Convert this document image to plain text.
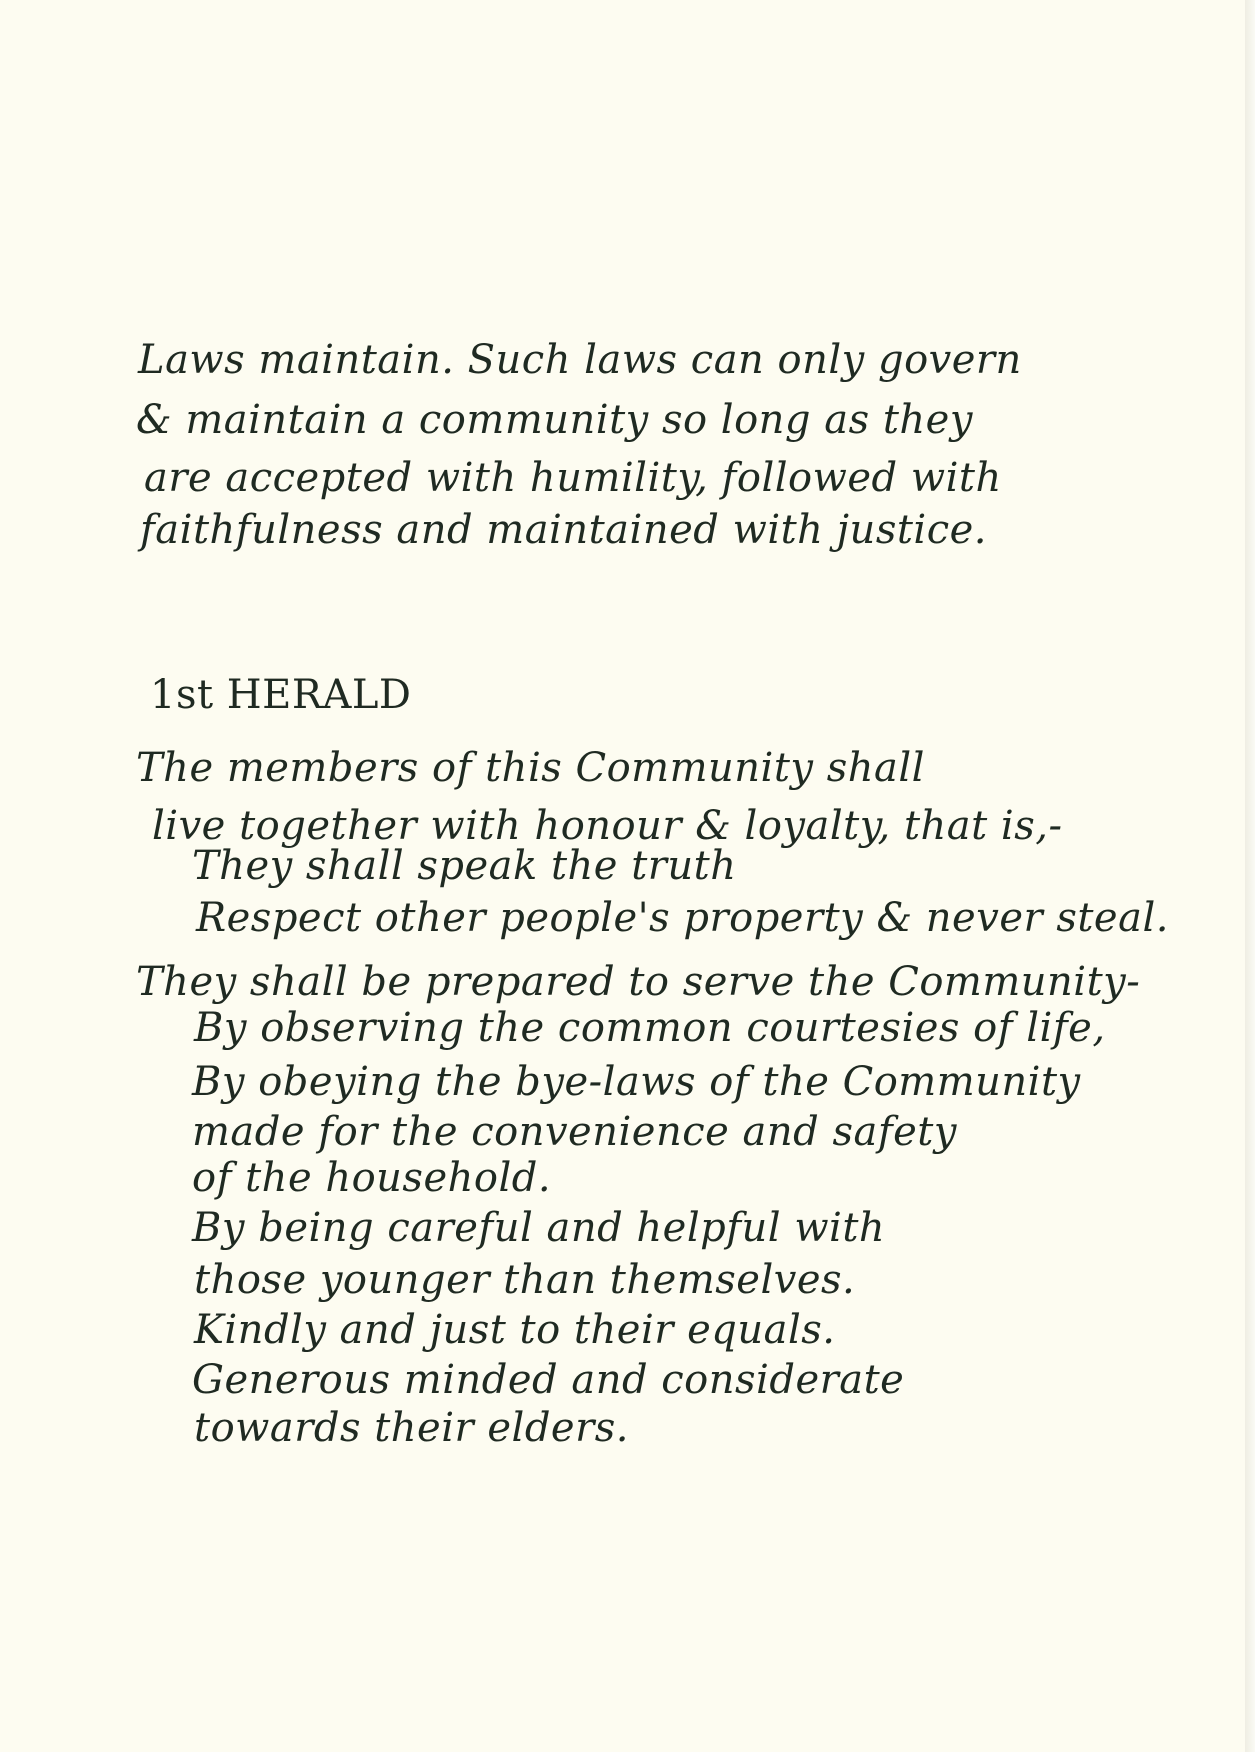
Laws maintain. Such laws can only govern
& maintain a community so long as they
are accepted with humility, followed with
faithfulness and maintained with justice.
1st HERALD
The members of this Community shall
live together with honour & loyalty, that is,-
They shall speak the truth
Respect other people's property & never steal.
They shall be prepared to serve the Community-
By observing the common courtesies of life,
By obeying the bye-laws of the Community
made for the convenience and safety
of the household.
By being careful and helpful with
those younger than themselves.
Kindly and just to their equals.
Generous minded and considerate
towards their elders.
